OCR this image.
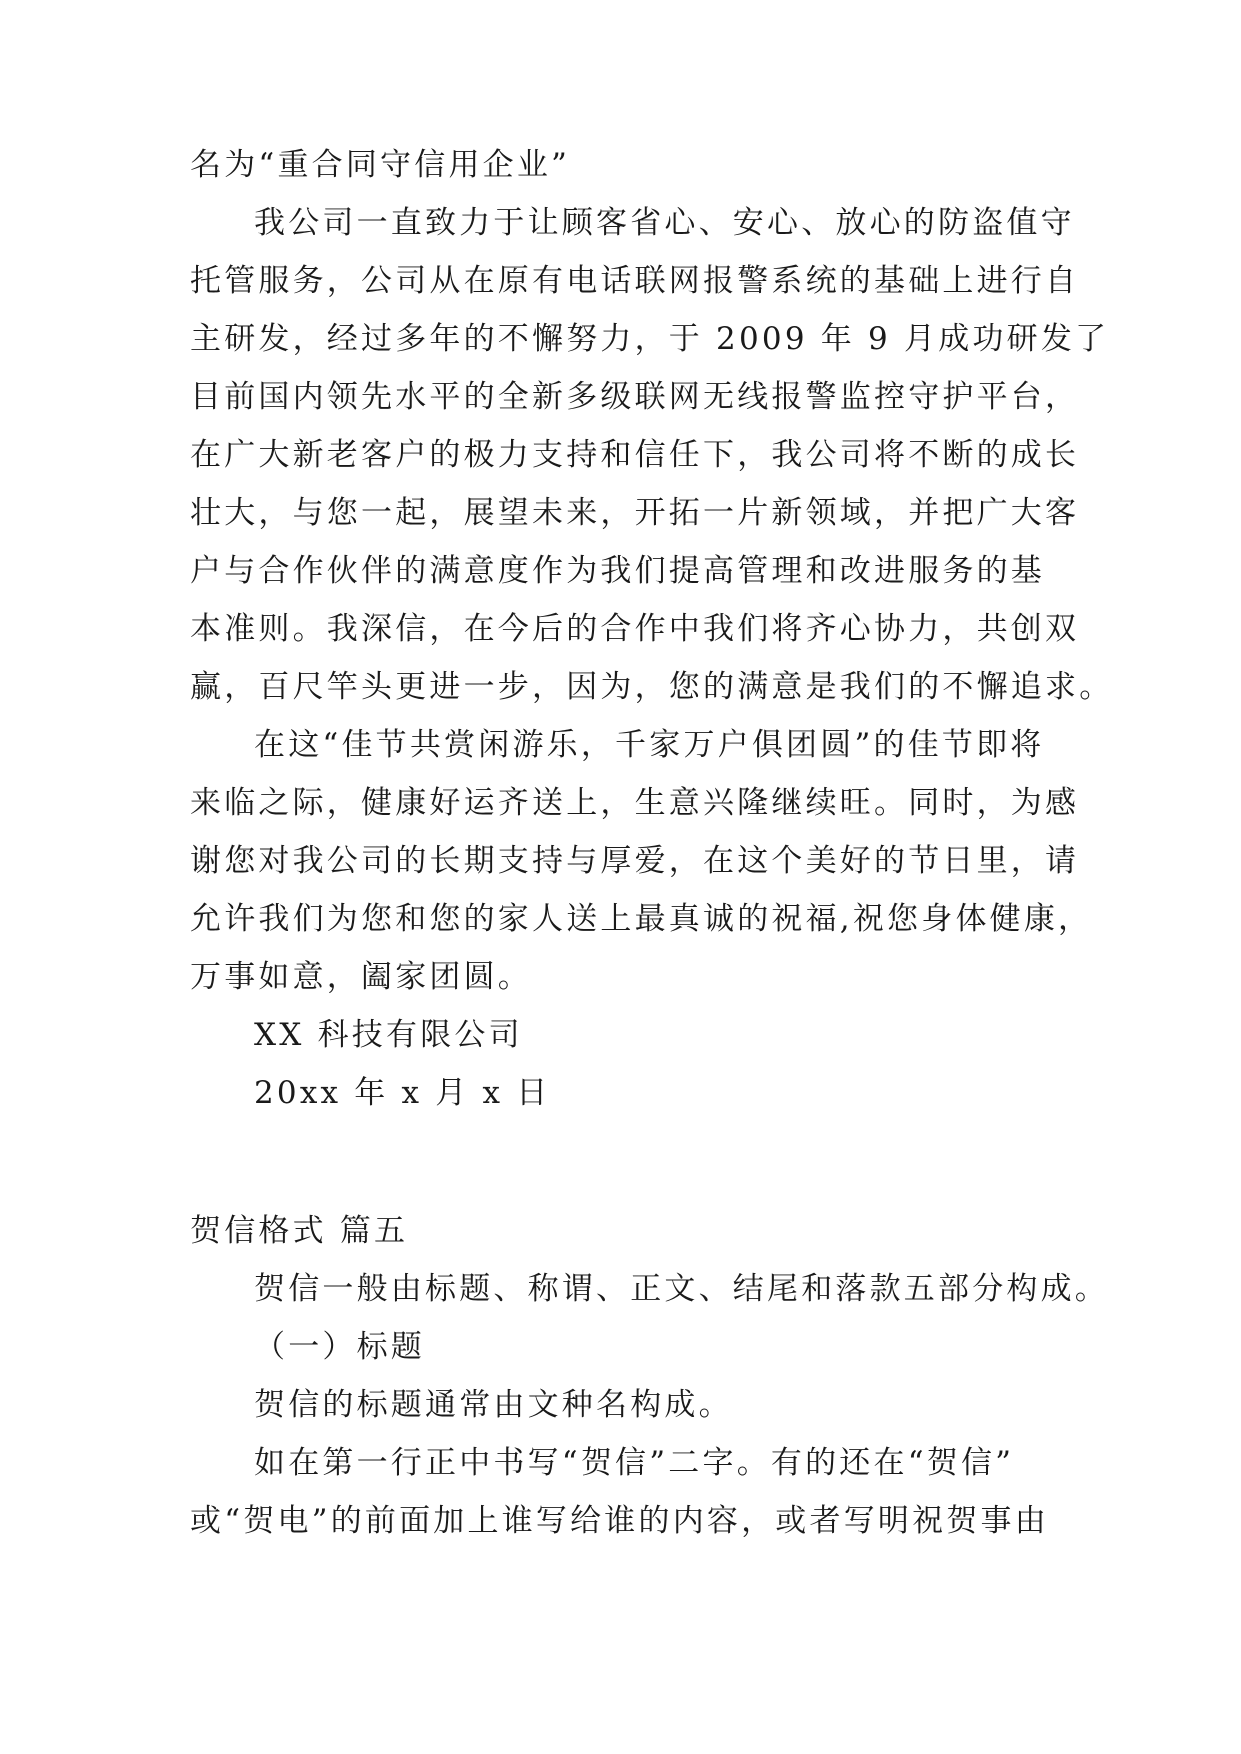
名为“重合同守信用企业”
我公司一直致力于让顾客省心、安心、放心的防盗值守
托管服务，公司从在原有电话联网报警系统的基础上进行自
主研发，经过多年的不懈努力，于 2009 年 9 月成功研发了
目前国内领先水平的全新多级联网无线报警监控守护平台，
在广大新老客户的极力支持和信任下，我公司将不断的成长
壮大，与您一起，展望未来，开拓一片新领域，并把广大客
户与合作伙伴的满意度作为我们提高管理和改进服务的基
本准则。我深信，在今后的合作中我们将齐心协力，共创双
赢，百尺竿头更进一步，因为，您的满意是我们的不懈追求。
在这“佳节共赏闲游乐，千家万户俱团圆”的佳节即将
来临之际，健康好运齐送上，生意兴隆继续旺。同时，为感
谢您对我公司的长期支持与厚爱，在这个美好的节日里，请
允许我们为您和您的家人送上最真诚的祝福,祝您身体健康，
万事如意，阖家团圆。
XX 科技有限公司
20xx 年 x 月 x 日
贺信格式 篇五
贺信一般由标题、称谓、正文、结尾和落款五部分构成。
（一）标题
贺信的标题通常由文种名构成。
如在第一行正中书写“贺信”二字。有的还在“贺信”
或“贺电”的前面加上谁写给谁的内容，或者写明祝贺事由
